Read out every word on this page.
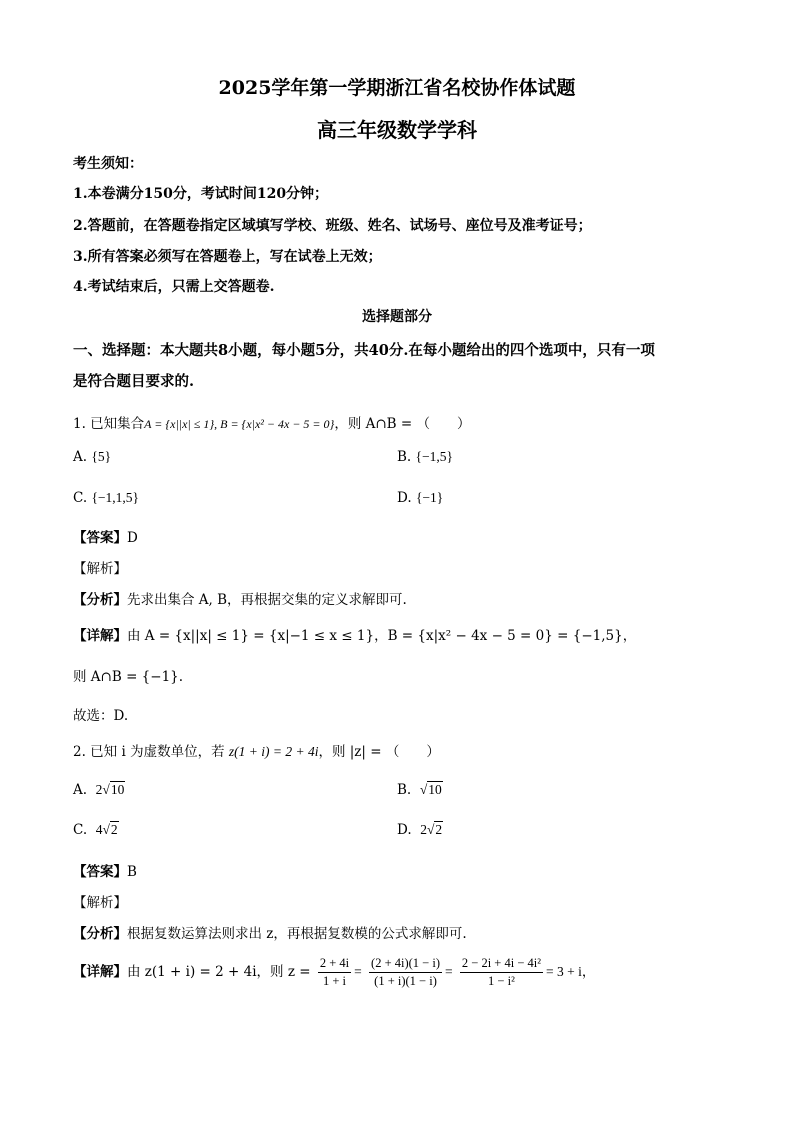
2025学年第一学期浙江省名校协作体试题
高三年级数学学科
考生须知：
1.本卷满分150分，考试时间120分钟；
2.答题前，在答题卷指定区域填写学校、班级、姓名、试场号、座位号及准考证号；
3.所有答案必须写在答题卷上，写在试卷上无效；
4.考试结束后，只需上交答题卷.
选择题部分
一、选择题：本大题共8小题，每小题5分，共40分.在每小题给出的四个选项中，只有一项
是符合题目要求的.
1. 已知集合A = {x||x| ≤ 1}, B = {x|x² − 4x − 5 = 0}，则 A∩B = （　　）
A. {5}	B. {−1,5}
C. {−1,1,5}	D. {−1}
【答案】D
【解析】
【分析】先求出集合 A, B，再根据交集的定义求解即可.
【详解】由 A = {x||x| ≤ 1} = {x|−1 ≤ x ≤ 1}，B = {x|x² − 4x − 5 = 0} = {−1,5}，
则 A∩B = {−1}.
故选：D.
2. 已知 i 为虚数单位，若 z(1 + i) = 2 + 4i，则 |z| = （　　）
A. 2√10	B. √10
C. 4√2	D. 2√2
【答案】B
【解析】
【分析】根据复数运算法则求出 z，再根据复数模的公式求解即可.
【详解】由 z(1 + i) = 2 + 4i，则 $z = \frac{2 + 4i}{1 + i} = \frac{(2 + 4i)(1 - i)}{(1 + i)(1 - i)} = \frac{\text{2 − 2i + 4i − 4i²}}{\text{1 − i²}} = 3 + i$，
